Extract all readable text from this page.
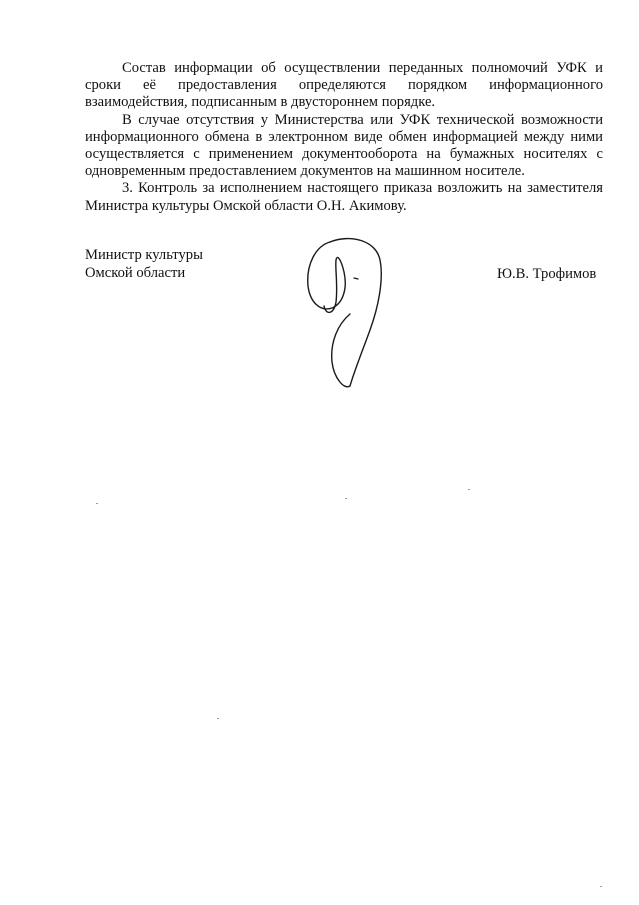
Состав информации об осуществлении переданных полномочий УФК и сроки её предоставления определяются порядком информационного взаимодействия, подписанным в двустороннем порядке.

В случае отсутствия у Министерства или УФК технической возможности информационного обмена в электронном виде обмен информацией между ними осуществляется с применением документооборота на бумажных носителях с одновременным предоставлением документов на машинном носителе.

3. Контроль за исполнением настоящего приказа возложить на заместителя Министра культуры Омской области О.Н. Акимову.

Министр культуры
Омской области	Ю.В. Трофимов
